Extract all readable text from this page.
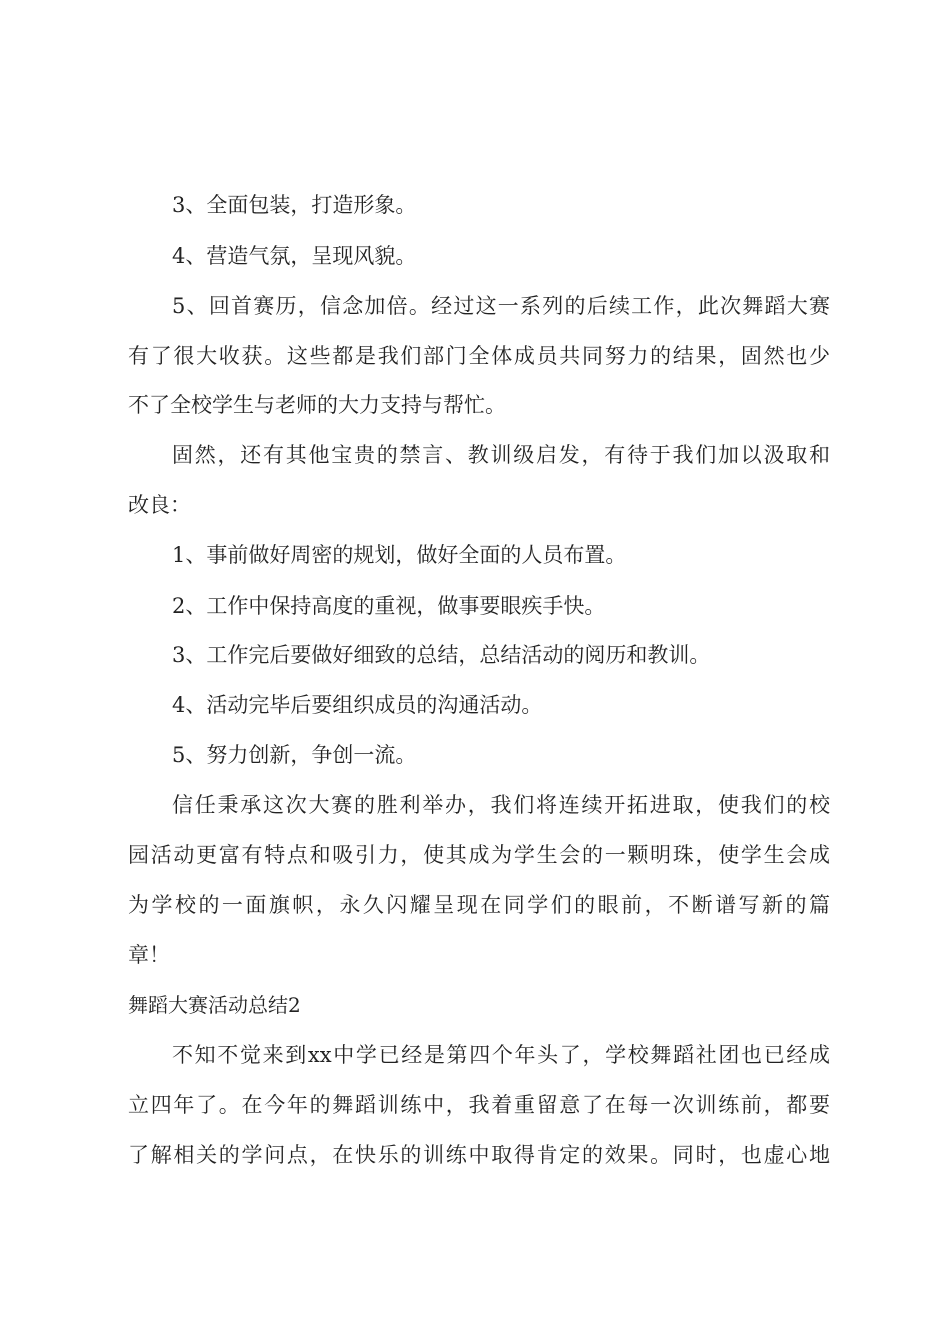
3、全面包装，打造形象。
4、营造气氛，呈现风貌。
5、回首赛历，信念加倍。经过这一系列的后续工作，此次舞蹈大赛
有了很大收获。这些都是我们部门全体成员共同努力的结果，固然也少
不了全校学生与老师的大力支持与帮忙。
固然，还有其他宝贵的禁言、教训级启发，有待于我们加以汲取和
改良：
1、事前做好周密的规划，做好全面的人员布置。
2、工作中保持高度的重视，做事要眼疾手快。
3、工作完后要做好细致的总结，总结活动的阅历和教训。
4、活动完毕后要组织成员的沟通活动。
5、努力创新，争创一流。
信任秉承这次大赛的胜利举办，我们将连续开拓进取，使我们的校
园活动更富有特点和吸引力，使其成为学生会的一颗明珠，使学生会成
为学校的一面旗帜，永久闪耀呈现在同学们的眼前，不断谱写新的篇
章！
舞蹈大赛活动总结2
不知不觉来到xx中学已经是第四个年头了，学校舞蹈社团也已经成
立四年了。在今年的舞蹈训练中，我着重留意了在每一次训练前，都要
了解相关的学问点，在快乐的训练中取得肯定的效果。同时，也虚心地
